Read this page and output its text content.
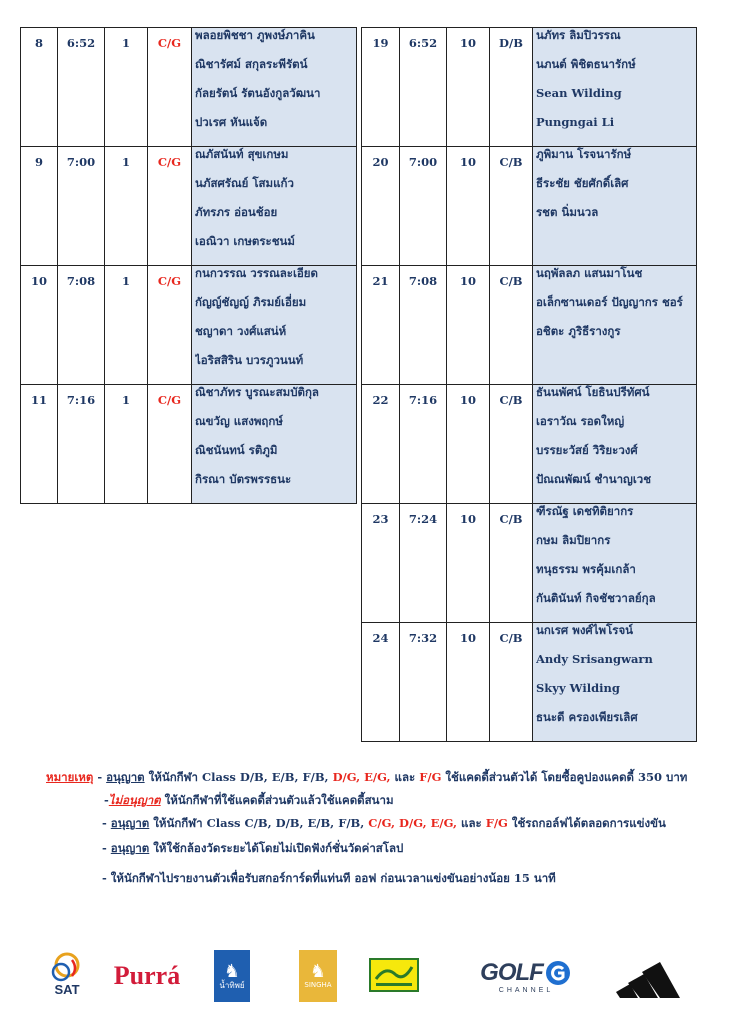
8	6:52	1	C/G	พลอยพิชชา ภูพงษ์ภาคิน
ณิชารัศม์ สกุลระพีรัตน์
กัลยรัตน์ รัตนอังกูลวัฒนา
ปวเรศ หันแจ้ด

9	7:00	1	C/G	ณภัสนันท์ สุขเกษม
นภัสศรัณย์ โสมแก้ว
ภัทรภร อ่อนช้อย
เอณิวา เกษตระชนม์

10	7:08	1	C/G	กนกวรรณ วรรณละเอียด
กัญญ์ชัญญ์ ภิรมย์เอี่ยม
ชญาดา วงศ์แสน่ห์
ไอริสสิริน บวรภูวนนท์

11	7:16	1	C/G	ณิชาภัทร บูรณะสมบัติกุล
ณขวัญ แสงพฤกษ์
ณิชนันทน์ รติภูมิ
กิรณา บัตรพรรธนะ
19	6:52	10	D/B	นภัทร ลิมปิวรรณ
นภนต์ พิชิตธนารักษ์
Sean Wilding
Pungngai Li

20	7:00	10	C/B	ภูพิมาน โรจนารักษ์
ธีระชัย ชัยศักดิ์เลิศ
รชต นิ่มนวล

21	7:08	10	C/B	นฤพัลลภ แสนมาโนช
อเล็กซานเดอร์ ปัญญากร ชอร์
อชิตะ ภูริธีรางกูร

22	7:16	10	C/B	ธันนพัศน์ โยธินปรีทัศน์
เอราวัณ รอดใหญ่
บรรยะวัสย์ วิริยะวงศ์
ปัณณพัฒน์ ชำนาญเวช

23	7:24	10	C/B	ฑีรณัฐ เดชทิติยากร
กษม ลิมปิยากร
ทนุธรรม พรคุ้มเกล้า
กันตินันท์ กิจชัชวาลย์กุล

24	7:32	10	C/B	นกเรศ พงศ์ไพโรจน์
Andy Srisangwarn
Skyy Wilding
ธนะดี ครองเพียรเลิศ
หมายเหตุ - อนุญาต ให้นักกีฬา Class D/B, E/B, F/B, D/G, E/G, และ F/G ใช้แคดดี้ส่วนตัวได้ โดยซื้อคูปองแคดดี้ 350 บาท
-ไม่อนุญาต ให้นักกีฬาที่ใช้แคดดี้ส่วนตัวแล้วใช้แคดดี้สนาม
- อนุญาต ให้นักกีฬา Class C/B, D/B, E/B, F/B, C/G, D/G, E/G, และ F/G ใช้รถกอล์ฟได้ตลอดการแข่งขัน
- อนุญาต ให้ใช้กล้องวัดระยะได้โดยไม่เปิดฟังก์ชั่นวัดค่าสโลป
- ให้นักกีฬาไปรายงานตัวเพื่อรับสกอร์การ์ดที่แท่นที ออฟ ก่อนเวลาแข่งขันอย่างน้อย 15 นาที
SAT Purrá ♞
น้ำทิพย์
♞
SINGHA	GOLF
CHANNEL
